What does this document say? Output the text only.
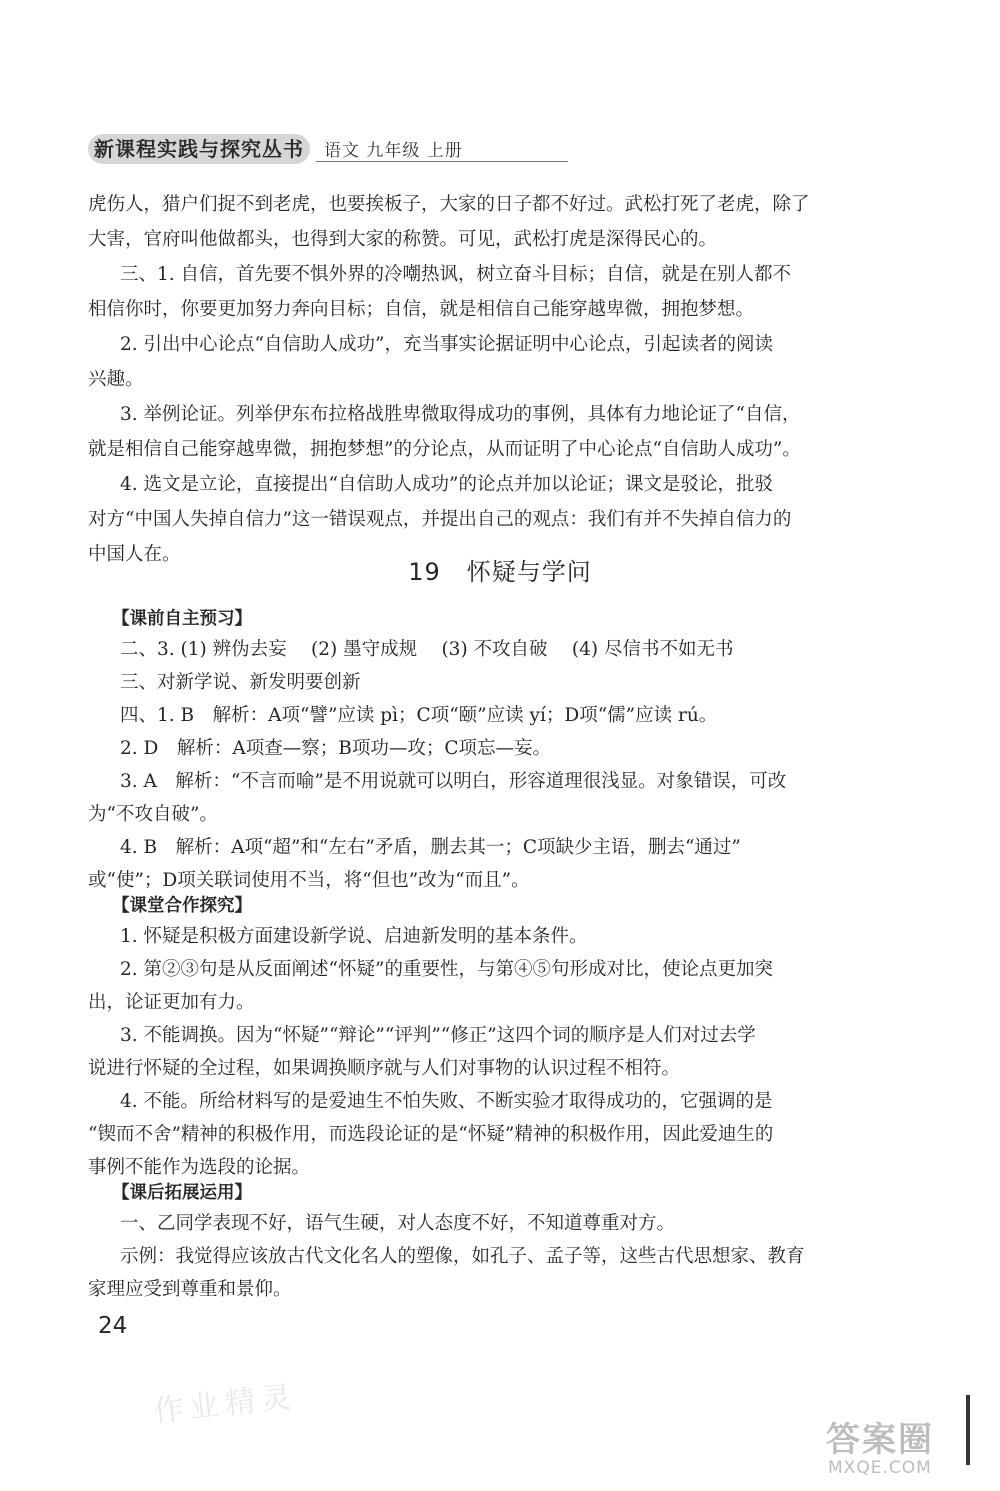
新课程实践与探究丛书	语文 九年级 上册
虎伤人，猎户们捉不到老虎，也要挨板子，大家的日子都不好过。武松打死了老虎，除了
大害，官府叫他做都头，也得到大家的称赞。可见，武松打虎是深得民心的。
三、1. 自信，首先要不惧外界的冷嘲热讽，树立奋斗目标；自信，就是在别人都不
相信你时，你要更加努力奔向目标；自信，就是相信自己能穿越卑微，拥抱梦想。
2. 引出中心论点“自信助人成功”，充当事实论据证明中心论点，引起读者的阅读
兴趣。
3. 举例论证。列举伊东布拉格战胜卑微取得成功的事例，具体有力地论证了“自信，
就是相信自己能穿越卑微，拥抱梦想”的分论点，从而证明了中心论点“自信助人成功”。
4. 选文是立论，直接提出“自信助人成功”的论点并加以论证；课文是驳论，批驳
对方“中国人失掉自信力”这一错误观点，并提出自己的观点：我们有并不失掉自信力的
中国人在。
19 怀疑与学问
【课前自主预习】
二、3. (1) 辨伪去妄　 (2) 墨守成规　 (3) 不攻自破　 (4) 尽信书不如无书
三、对新学说、新发明要创新
四、1. B　解析：A项“譬”应读 pì；C项“颐”应读 yí；D项“儒”应读 rú。
2. D　解析：A项查—察；B项功—攻；C项忘—妄。
3. A　解析：“不言而喻”是不用说就可以明白，形容道理很浅显。对象错误，可改
为“不攻自破”。
4. B　解析：A项“超”和“左右”矛盾，删去其一；C项缺少主语，删去“通过”
或“使”；D项关联词使用不当，将“但也”改为“而且”。
【课堂合作探究】
1. 怀疑是积极方面建设新学说、启迪新发明的基本条件。
2. 第②③句是从反面阐述“怀疑”的重要性，与第④⑤句形成对比，使论点更加突
出，论证更加有力。
3. 不能调换。因为“怀疑”“辩论”“评判”“修正”这四个词的顺序是人们对过去学
说进行怀疑的全过程，如果调换顺序就与人们对事物的认识过程不相符。
4. 不能。所给材料写的是爱迪生不怕失败、不断实验才取得成功的，它强调的是
“锲而不舍”精神的积极作用，而选段论证的是“怀疑”精神的积极作用，因此爱迪生的
事例不能作为选段的论据。
【课后拓展运用】
一、乙同学表现不好，语气生硬，对人态度不好，不知道尊重对方。
示例：我觉得应该放古代文化名人的塑像，如孔子、孟子等，这些古代思想家、教育
家理应受到尊重和景仰。
24
作业精灵
答案圈
MXQE.COM
